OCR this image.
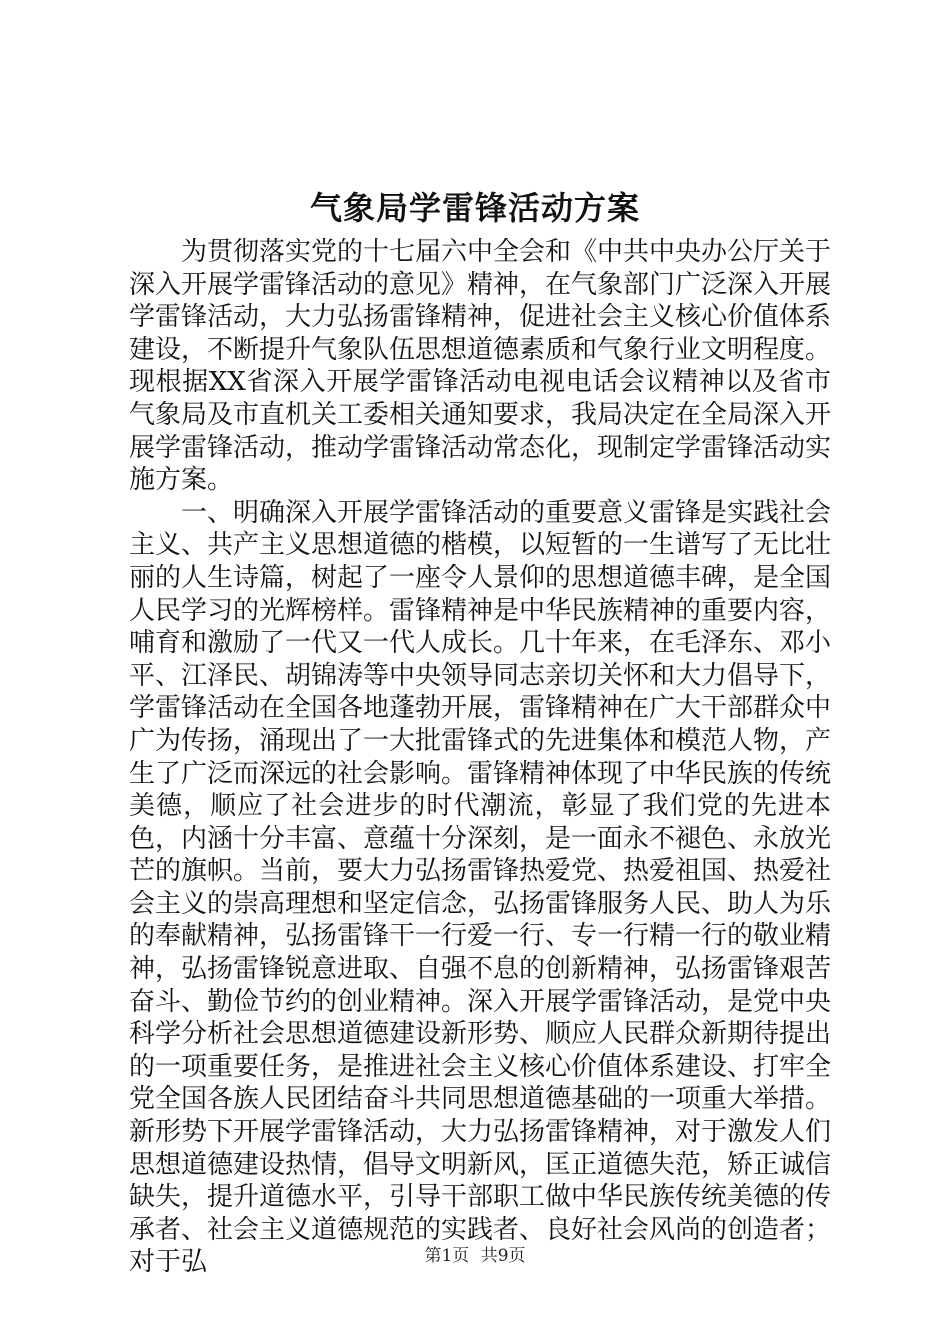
气象局学雷锋活动方案

为贯彻落实党的十七届六中全会和《中共中央办公厅关于深入开展学雷锋活动的意见》精神，在气象部门广泛深入开展学雷锋活动，大力弘扬雷锋精神，促进社会主义核心价值体系建设，不断提升气象队伍思想道德素质和气象行业文明程度。现根据XX省深入开展学雷锋活动电视电话会议精神以及省市气象局及市直机关工委相关通知要求，我局决定在全局深入开展学雷锋活动，推动学雷锋活动常态化，现制定学雷锋活动实施方案。

一、明确深入开展学雷锋活动的重要意义雷锋是实践社会主义、共产主义思想道德的楷模，以短暂的一生谱写了无比壮丽的人生诗篇，树起了一座令人景仰的思想道德丰碑，是全国人民学习的光辉榜样。雷锋精神是中华民族精神的重要内容，哺育和激励了一代又一代人成长。几十年来，在毛泽东、邓小平、江泽民、胡锦涛等中央领导同志亲切关怀和大力倡导下，学雷锋活动在全国各地蓬勃开展，雷锋精神在广大干部群众中广为传扬，涌现出了一大批雷锋式的先进集体和模范人物，产生了广泛而深远的社会影响。雷锋精神体现了中华民族的传统美德，顺应了社会进步的时代潮流，彰显了我们党的先进本色，内涵十分丰富、意蕴十分深刻，是一面永不褪色、永放光芒的旗帜。当前，要大力弘扬雷锋热爱党、热爱祖国、热爱社会主义的崇高理想和坚定信念，弘扬雷锋服务人民、助人为乐的奉献精神，弘扬雷锋干一行爱一行、专一行精一行的敬业精神，弘扬雷锋锐意进取、自强不息的创新精神，弘扬雷锋艰苦奋斗、勤俭节约的创业精神。深入开展学雷锋活动，是党中央科学分析社会思想道德建设新形势、顺应人民群众新期待提出的一项重要任务，是推进社会主义核心价值体系建设、打牢全党全国各族人民团结奋斗共同思想道德基础的一项重大举措。新形势下开展学雷锋活动，大力弘扬雷锋精神，对于激发人们思想道德建设热情，倡导文明新风，匡正道德失范，矫正诚信缺失，提升道德水平，引导干部职工做中华民族传统美德的传承者、社会主义道德规范的实践者、良好社会风尚的创造者；对于弘	第1页 共9页
